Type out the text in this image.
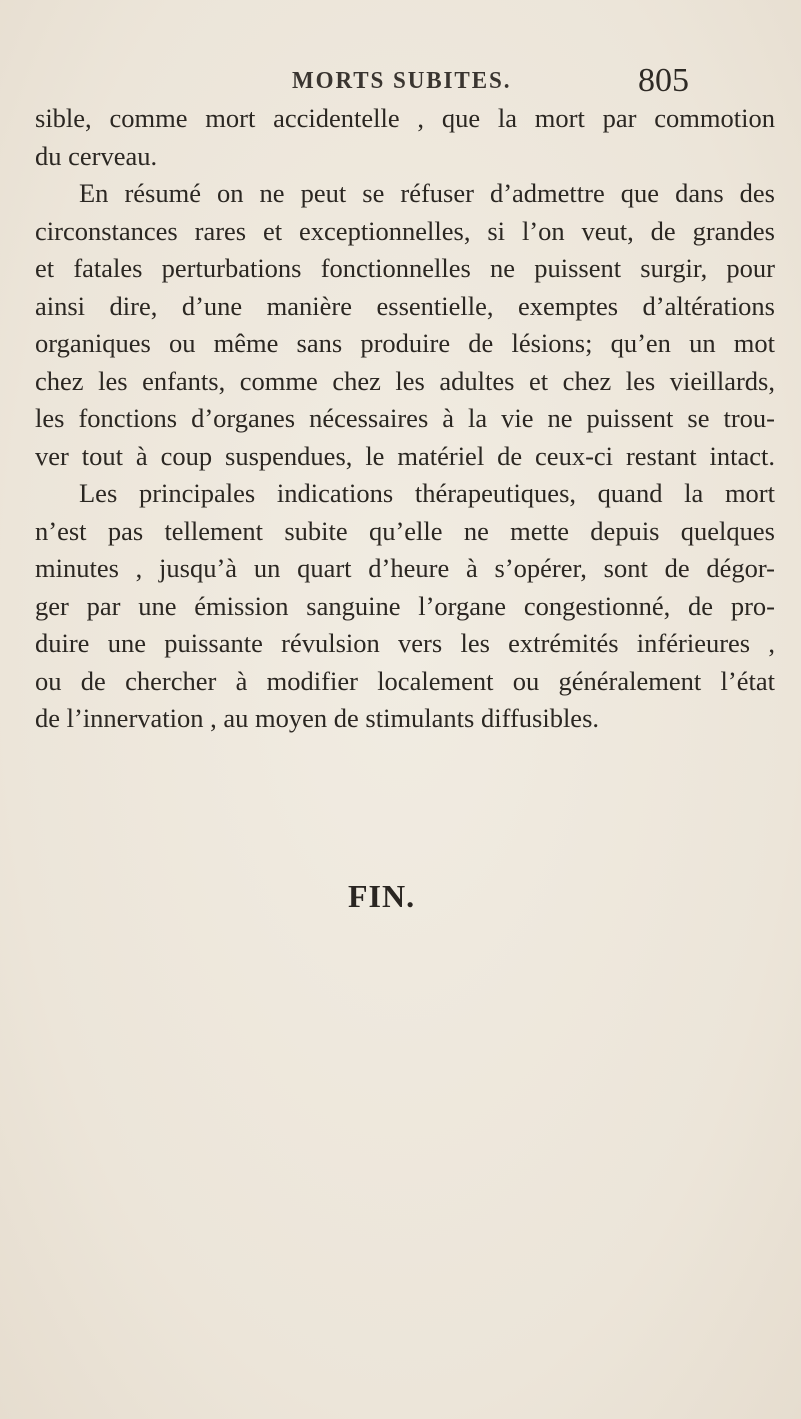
MORTS SUBITES.	805
sible, comme mort accidentelle , que la mort par commotion
du cerveau.
En résumé on ne peut se réfuser d’admettre que dans des
circonstances rares et exceptionnelles, si l’on veut, de grandes
et fatales perturbations fonctionnelles ne puissent surgir, pour
ainsi dire, d’une manière essentielle, exemptes d’altérations
organiques ou même sans produire de lésions; qu’en un mot
chez les enfants, comme chez les adultes et chez les vieillards,
les fonctions d’organes nécessaires à la vie ne puissent se trou-
ver tout à coup suspendues, le matériel de ceux-ci restant intact.
Les principales indications thérapeutiques, quand la mort
n’est pas tellement subite qu’elle ne mette depuis quelques
minutes , jusqu’à un quart d’heure à s’opérer, sont de dégor-
ger par une émission sanguine l’organe congestionné, de pro-
duire une puissante révulsion vers les extrémités inférieures ,
ou de chercher à modifier localement ou généralement l’état
de l’innervation , au moyen de stimulants diffusibles.
FIN.
